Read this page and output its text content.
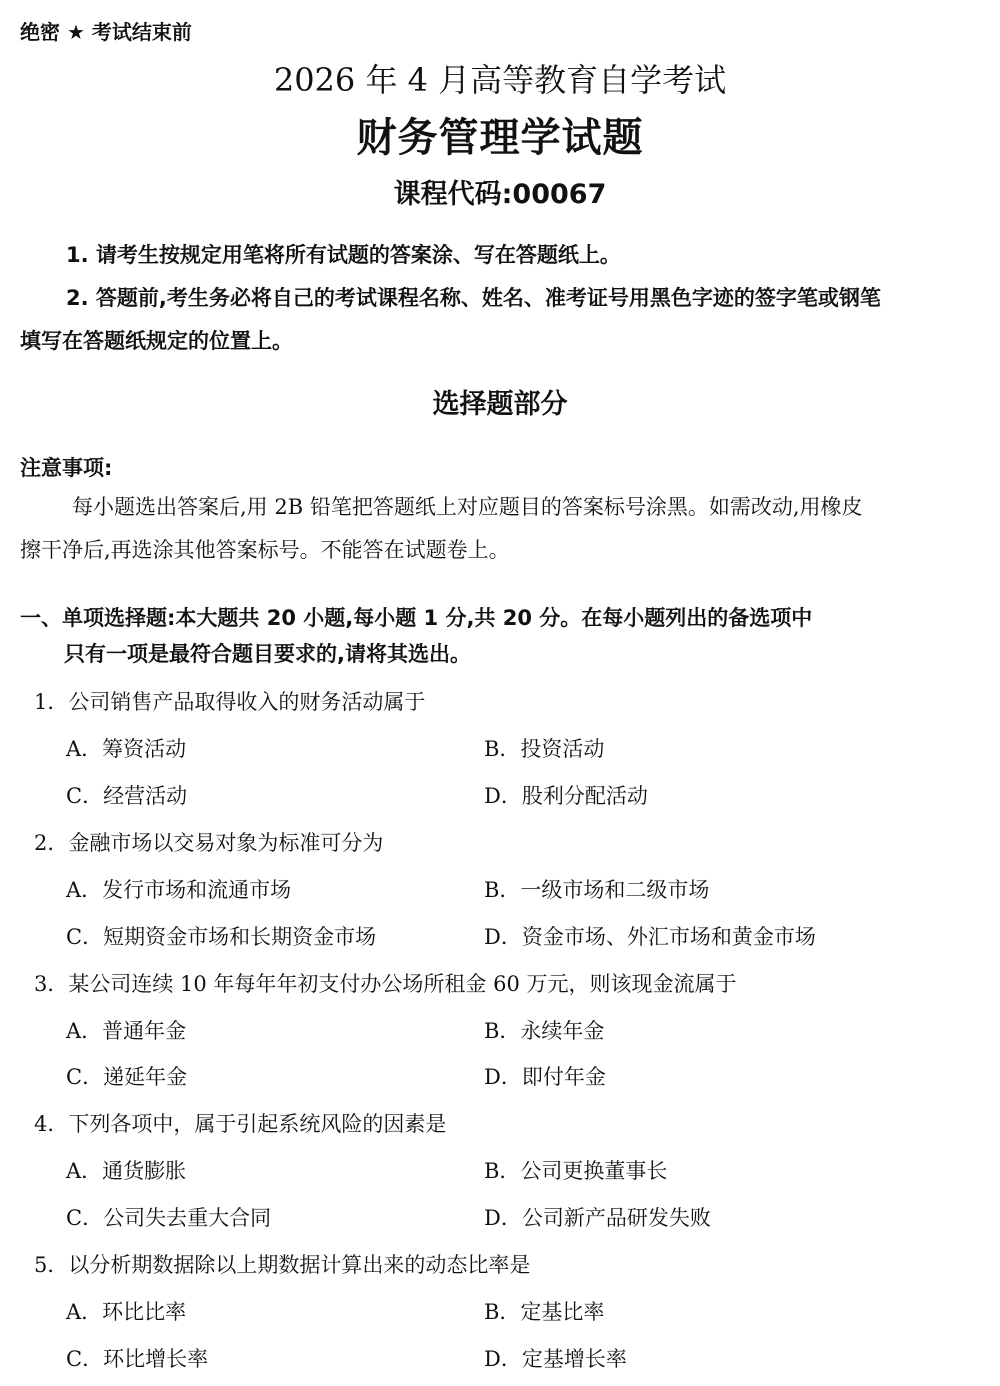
绝密 ★ 考试结束前
2026 年 4 月高等教育自学考试
财务管理学试题
课程代码:00067
1. 请考生按规定用笔将所有试题的答案涂、写在答题纸上。
2. 答题前,考生务必将自己的考试课程名称、姓名、准考证号用黑色字迹的签字笔或钢笔
填写在答题纸规定的位置上。
选择题部分
注意事项:
每小题选出答案后,用 2B 铅笔把答题纸上对应题目的答案标号涂黑。如需改动,用橡皮
擦干净后,再选涂其他答案标号。不能答在试题卷上。
一、单项选择题:本大题共 20 小题,每小题 1 分,共 20 分。在每小题列出的备选项中
只有一项是最符合题目要求的,请将其选出。
1．公司销售产品取得收入的财务活动属于
A．筹资活动	B．投资活动
C．经营活动	D．股利分配活动
2．金融市场以交易对象为标准可分为
A．发行市场和流通市场	B．一级市场和二级市场
C．短期资金市场和长期资金市场	D．资金市场、外汇市场和黄金市场
3．某公司连续 10 年每年年初支付办公场所租金 60 万元，则该现金流属于
A．普通年金	B．永续年金
C．递延年金	D．即付年金
4．下列各项中，属于引起系统风险的因素是
A．通货膨胀	B．公司更换董事长
C．公司失去重大合同	D．公司新产品研发失败
5．以分析期数据除以上期数据计算出来的动态比率是
A．环比比率	B．定基比率
C．环比增长率	D．定基增长率
